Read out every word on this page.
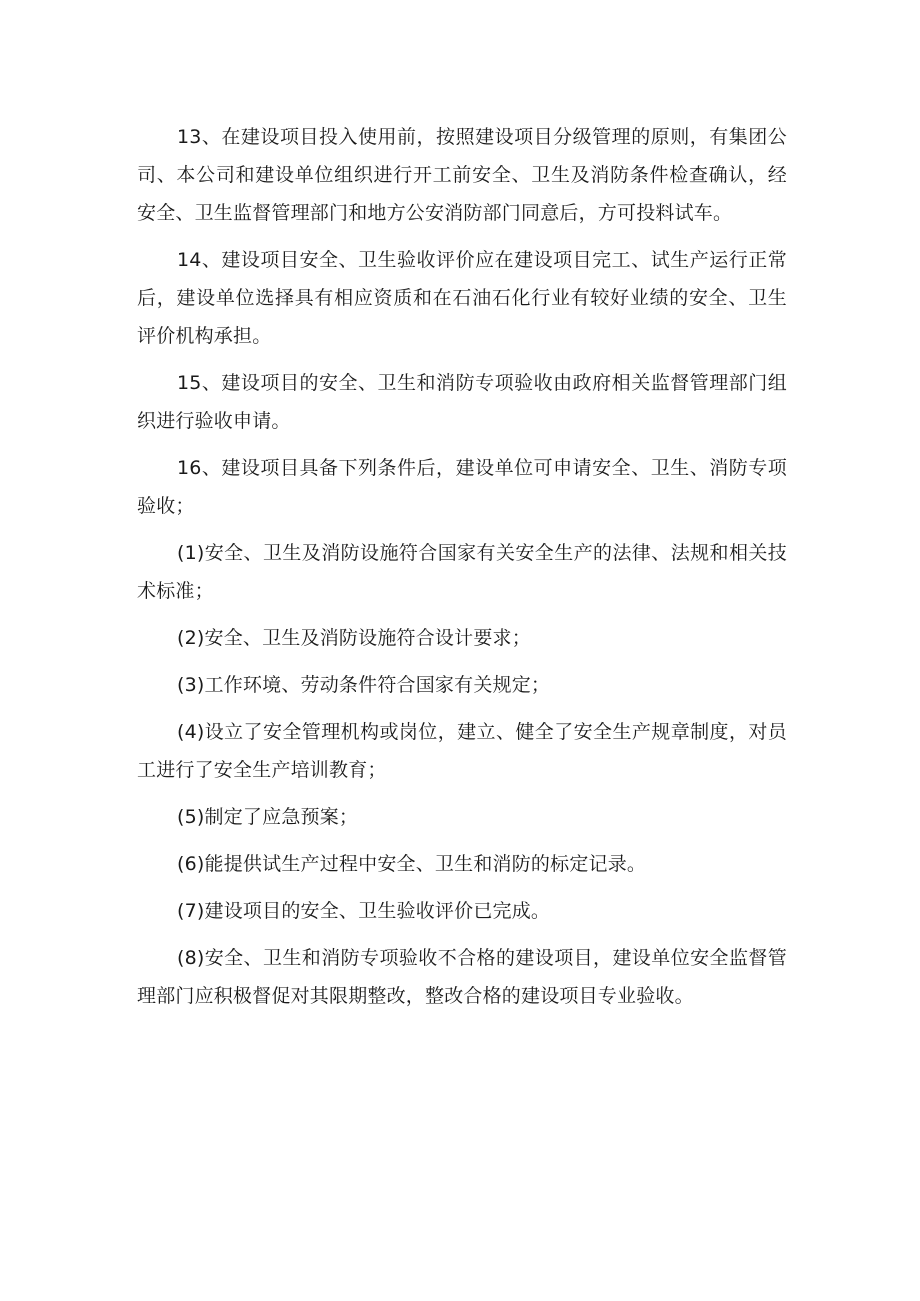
13、在建设项目投入使用前，按照建设项目分级管理的原则，有集团公司、本公司和建设单位组织进行开工前安全、卫生及消防条件检查确认，经安全、卫生监督管理部门和地方公安消防部门同意后，方可投料试车。

14、建设项目安全、卫生验收评价应在建设项目完工、试生产运行正常后，建设单位选择具有相应资质和在石油石化行业有较好业绩的安全、卫生评价机构承担。

15、建设项目的安全、卫生和消防专项验收由政府相关监督管理部门组织进行验收申请。

16、建设项目具备下列条件后，建设单位可申请安全、卫生、消防专项验收；

(1)安全、卫生及消防设施符合国家有关安全生产的法律、法规和相关技术标准；

(2)安全、卫生及消防设施符合设计要求；

(3)工作环境、劳动条件符合国家有关规定；

(4)设立了安全管理机构或岗位，建立、健全了安全生产规章制度，对员工进行了安全生产培训教育；

(5)制定了应急预案；

(6)能提供试生产过程中安全、卫生和消防的标定记录。

(7)建设项目的安全、卫生验收评价已完成。

(8)安全、卫生和消防专项验收不合格的建设项目，建设单位安全监督管理部门应积极督促对其限期整改，整改合格的建设项目专业验收。
